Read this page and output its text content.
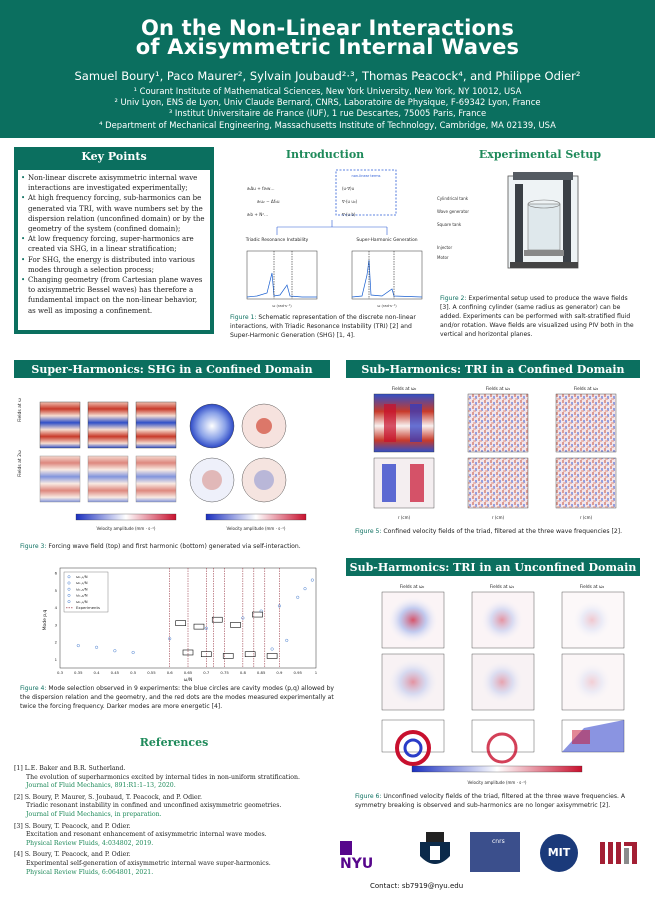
On the Non-Linear Interactions
of Axisymmetric Internal Waves
Samuel Boury¹, Paco Maurer², Sylvain Joubaud²·³, Thomas Peacock⁴, and Philippe Odier²
¹ Courant Institute of Mathematical Sciences, New York University, New York, NY 10012, USA
² Univ Lyon, ENS de Lyon, Univ Claude Bernard, CNRS, Laboratoire de Physique, F-69342 Lyon, France
³ Institut Universitaire de France (IUF), 1 rue Descartes, 75005 Paris, France
⁴ Department of Mechanical Engineering, Massachusetts Institute of Technology, Cambridge, MA 02139, USA
Key Points
• Non-linear discrete axisymmetric internal wave interactions are investigated experimentally;
• At high frequency forcing, sub-harmonics can be generated via TRI, with wave numbers set by the dispersion relation (unconfined domain) or by the geometry of the system (confined domain);
• At low frequency forcing, super-harmonics are created via SHG, in a linear stratification;
• For SHG, the energy is distributed into various modes through a selection process;
• Changing geometry (from Cartesian plane waves to axisymmetric Bessel waves) has therefore a fundamental impact on the non-linear behavior, as well as imposing a confinement.
Introduction
non-linear terms
∂ₜΔu + f∂ₜw…
∂ₜu₂ − Δf₀u
∂ₜb + N²…
(u·∇)u
∇·(u u₀)
∇·(u b)
Triadic Resonance Instability	Super-Harmonic Generation
ω (rad·s⁻¹)	ω (rad·s⁻¹)
Figure 1: Schematic representation of the discrete non-linear interactions, with Triadic Resonance Instability (TRI) [2] and Super-Harmonic Generation (SHG) [1, 4].
Experimental Setup
Cylindrical tank
Wave generator
Square tank
Injector
Motor
Figure 2: Experimental setup used to produce the wave fields [3]. A confining cylinder (same radius as generator) can be added. Experiments can be performed with salt-stratified fluid and/or rotation. Wave fields are visualized using PIV both in the vertical and horizontal planes.
Super-Harmonics: SHG in a Confined Domain
Fields at ω
Fields at 2ω
Velocity amplitude (mm · s⁻¹)	Velocity amplitude (mm · s⁻¹)
Figure 3: Forcing wave field (top) and first harmonic (bottom) generated via self-interaction.
0.3	0.35	0.4	0.45	0.5	0.55	0.6	0.65	0.7	0.75	0.8	0.85	0.9	0.95	1
1
2
3
4
5
6
Mode p,q
ω/N
ω₁,₁/N
ω₁,₂/N
ω₁,₃/N
ω₁,₄/N
ω₁,₅/N
Experiments
Figure 4: Mode selection observed in 9 experiments: the blue circles are cavity modes (p,q) allowed by the dispersion relation and the geometry, and the red dots are the modes measured experimentally at twice the forcing frequency. Darker modes are more energetic [4].
References
[1] L.E. Baker and B.R. Sutherland.
The evolution of superharmonics excited by internal tides in non-uniform stratification.
Journal of Fluid Mechanics, 891:R1:1–13, 2020.
[2] S. Boury, P. Maurer, S. Joubaud, T. Peacock, and P. Odier.
Triadic resonant instability in confined and unconfined axisymmetric geometries.
Journal of Fluid Mechanics, in preparation.
[3] S. Boury, T. Peacock, and P. Odier.
Excitation and resonant enhancement of axisymmetric internal wave modes.
Physical Review Fluids, 4:034802, 2019.
[4] S. Boury, T. Peacock, and P. Odier.
Experimental self-generation of axisymmetric internal wave super-harmonics.
Physical Review Fluids, 6:064801, 2021.
Sub-Harmonics: TRI in a Confined Domain
Fields at ω₀	Fields at ω₁	Fields at ω₂
r (cm)	r (cm)	r (cm)
Figure 5: Confined velocity fields of the triad, filtered at the three wave frequencies [2].
Sub-Harmonics: TRI in an Unconfined Domain
Fields at ω₀	Fields at ω₁	Fields at ω₂
Velocity amplitude (mm · s⁻¹)
Figure 6: Unconfined velocity fields of the triad, filtered at the three wave frequencies. A symmetry breaking is observed and sub-harmonics are no longer axisymmetric [2].
NYU
cnrs
MIT
Contact: sb7919@nyu.edu
